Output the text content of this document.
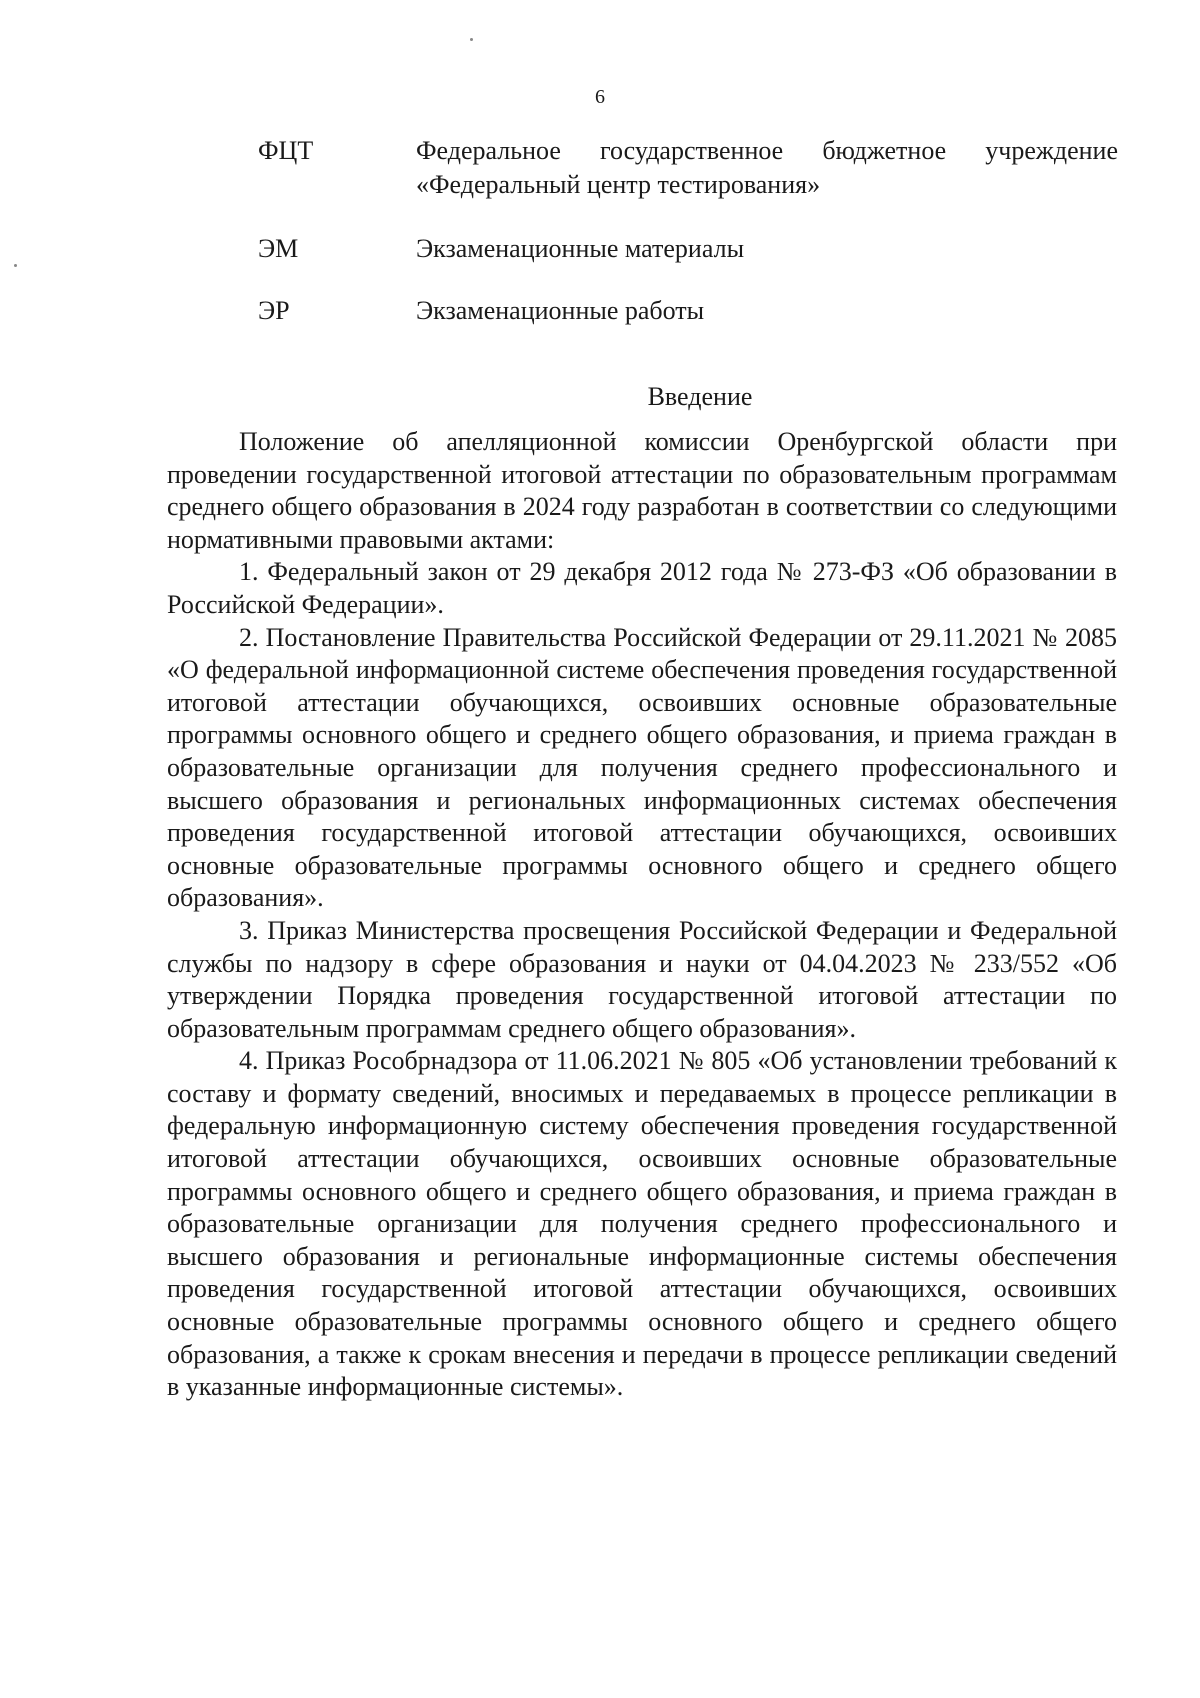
6
ФЦТ	Федеральное государственное бюджетное учреждение «Федеральный центр тестирования»
ЭМ	Экзаменационные материалы
ЭР	Экзаменационные работы
Введение

Положение об апелляционной комиссии Оренбургской области при проведении государственной итоговой аттестации по образовательным программам среднего общего образования в 2024 году разработан в соответствии со следующими нормативными правовыми актами:

1. Федеральный закон от 29 декабря 2012 года № 273-ФЗ «Об образовании в Российской Федерации».

2. Постановление Правительства Российской Федерации от 29.11.2021 № 2085 «О федеральной информационной системе обеспечения проведения государственной итоговой аттестации обучающихся, освоивших основные образовательные программы основного общего и среднего общего образования, и приема граждан в образовательные организации для получения среднего профессионального и высшего образования и региональных информационных системах обеспечения проведения государственной итоговой аттестации обучающихся, освоивших основные образовательные программы основного общего и среднего общего образования».

3. Приказ Министерства просвещения Российской Федерации и Федеральной службы по надзору в сфере образования и науки от 04.04.2023 № 233/552 «Об утверждении Порядка проведения государственной итоговой аттестации по образовательным программам среднего общего образования».

4. Приказ Рособрнадзора от 11.06.2021 № 805 «Об установлении требований к составу и формату сведений, вносимых и передаваемых в процессе репликации в федеральную информационную систему обеспечения проведения государственной итоговой аттестации обучающихся, освоивших основные образовательные программы основного общего и среднего общего образования, и приема граждан в образовательные организации для получения среднего профессионального и высшего образования и региональные информационные системы обеспечения проведения государственной итоговой аттестации обучающихся, освоивших основные образовательные программы основного общего и среднего общего образования, а также к срокам внесения и передачи в процессе репликации сведений в указанные информационные системы».
